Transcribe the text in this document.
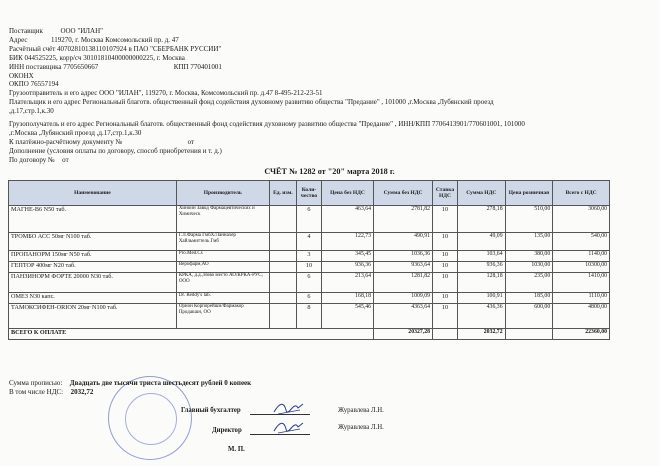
Поставщик	ООО "ИЛАН"
Адрес	119270, г. Москва Комсомольский пр. д. 47
Расчётный счёт 40702810138110107924 в ПАО "СБЕРБАНК РУССИИ"
БИК 044525225, корр/сч 30101810400000000225, г. Москва
ИНН поставщика 7705650667	КПП 770401001
ОКОНХ
ОКПО 76557194
Грузоотправитель и его адрес ООО "ИЛАН", 119270, г. Москва, Комсомольский пр. д.47 8-495-212-23-51
Плательщик и его адрес Региональный благотв. общественный фонд содействия духовному развитию общества "Предание" , 101000 ,г.Москва ,Лубянский проезд
,д.17,стр.1,к.30
Грузополучатель и его адрес Региональный благотв. общественный фонд содействия духовному развитию общества "Предание" , ИНН/КПП 7706413901/770601001, 101000
,г.Москва ,Лубянский проезд ,д.17,стр.1,к.30
К платёжно-расчётному документу №	от
Дополнение (условия оплаты по договору, способ приобретения и т. д.)
По договору № от
СЧЁТ № 1282 от "20" марта 2018 г.
Наименование	Производитель	Ед. изм.	Коли-чество	Цена без НДС	Сумма без НДС	Ставка НДС	Сумма НДС	Цена розничная	Всего с НДС
МАГНЕ-В6 N50 таб.	Хиноин Завод Фармацевтических и Химическ		6	463,64	2781,82	10	278,18	510,00	3060,00
ТРОМБО АСС 50мг N100 таб.	Г.Л.Фарма ГмбХ/Ланнахер Хайльмиттель Гмб		4	122,73	490,91	10	49,09	135,00	540,00
ПРОПАНОРМ 150мг N50 таб.	Pro.Med.Cs		3	345,45	1036,36	10	103,64	380,00	1140,00
ГЕПТОР 400мг N20 таб.	Верофарм,АО		10	936,36	9363,64	10	936,36	1030,00	10300,00
ПАНЗИНОРМ ФОРТЕ 20000 N30 таб.	КРКА, д.д.,Ново место АО/КРКА-РУС, ООО		6	213,64	1281,82	10	128,18	235,00	1410,00
ОМЕЗ N30 капс.	Dr. Reddy's lab.		6	168,18	1009,09	10	100,91	185,00	1110,00
ТАМОКСИФЕН-ORION 20мг N100 таб.	Орион Корпорейшн/Фармакор Продакшн, ОО		8	545,46	4363,64	10	436,36	600,00	4800,00
ВСЕГО К ОПЛАТЕ					20327,28		2032,72		22360,00
Сумма прописью: Двадцать две тысячи триста шестьдесят рублей 0 копеек
В том числе НДС: 2032,72
Главный бухгалтер	Журавлева Л.Н.
Директор	Журавлева Л.Н.
М. П.
